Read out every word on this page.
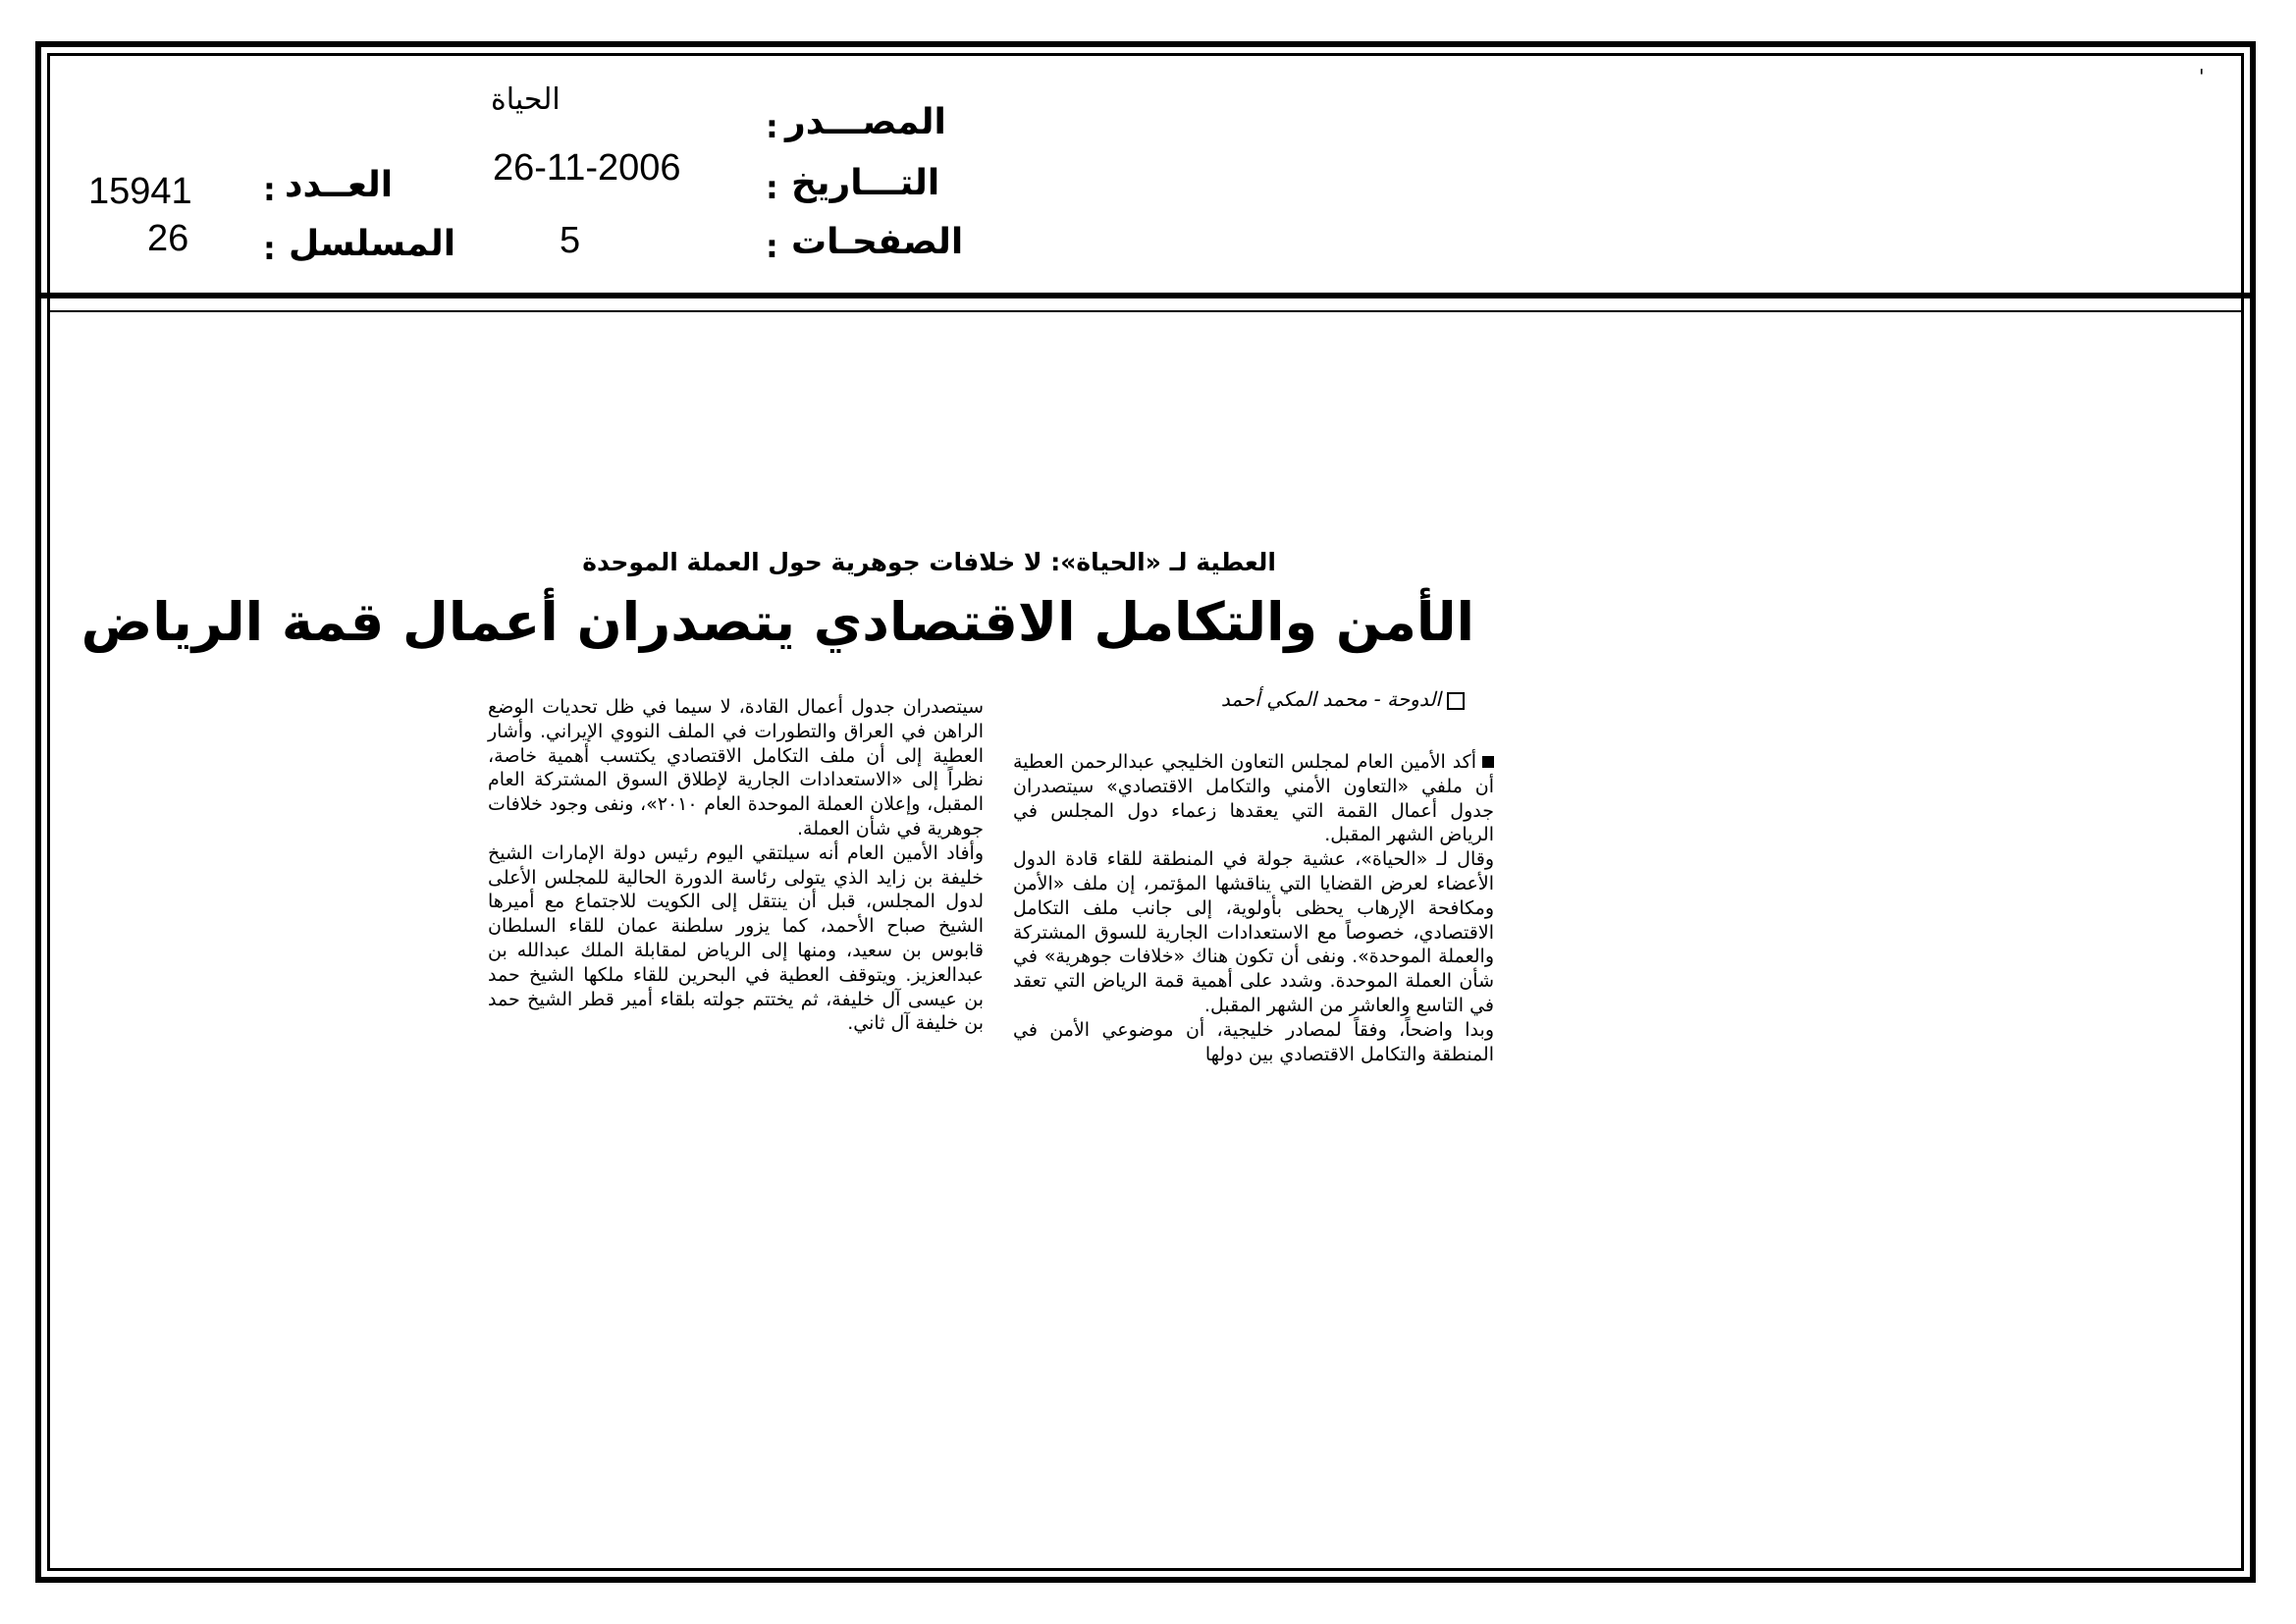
'
المصـــدر
:
الحياة
التـــاريخ
:
26-11-2006
الصفحـات
:
5
العــدد
:
15941
المسلسل
:
26
العطية لـ «الحياة»: لا خلافات جوهرية حول العملة الموحدة
الأمن والتكامل الاقتصادي يتصدران أعمال قمة الرياض
الدوحة - محمد المكي أحمد

أكد الأمين العام لمجلس التعاون الخليجي عبدالرحمن العطية أن ملفي «التعاون الأمني والتكامل الاقتصادي» سيتصدران جدول أعمال القمة التي يعقدها زعماء دول المجلس في الرياض الشهر المقبل.

وقال لـ «الحياة»، عشية جولة في المنطقة للقاء قادة الدول الأعضاء لعرض القضايا التي يناقشها المؤتمر، إن ملف «الأمن ومكافحة الإرهاب يحظى بأولوية، إلى جانب ملف التكامل الاقتصادي، خصوصاً مع الاستعدادات الجارية للسوق المشتركة والعملة الموحدة». ونفى أن تكون هناك «خلافات جوهرية» في شأن العملة الموحدة. وشدد على أهمية قمة الرياض التي تعقد في التاسع والعاشر من الشهر المقبل.

وبدا واضحاً، وفقاً لمصادر خليجية، أن موضوعي الأمن في المنطقة والتكامل الاقتصادي بين دولها

سيتصدران جدول أعمال القادة، لا سيما في ظل تحديات الوضع الراهن في العراق والتطورات في الملف النووي الإيراني. وأشار العطية إلى أن ملف التكامل الاقتصادي يكتسب أهمية خاصة، نظراً إلى «الاستعدادات الجارية لإطلاق السوق المشتركة العام المقبل، وإعلان العملة الموحدة العام ٢٠١٠»، ونفى وجود خلافات جوهرية في شأن العملة.

وأفاد الأمين العام أنه سيلتقي اليوم رئيس دولة الإمارات الشيخ خليفة بن زايد الذي يتولى رئاسة الدورة الحالية للمجلس الأعلى لدول المجلس، قبل أن ينتقل إلى الكويت للاجتماع مع أميرها الشيخ صباح الأحمد، كما يزور سلطنة عمان للقاء السلطان قابوس بن سعيد، ومنها إلى الرياض لمقابلة الملك عبدالله بن عبدالعزيز. ويتوقف العطية في البحرين للقاء ملكها الشيخ حمد بن عيسى آل خليفة، ثم يختتم جولته بلقاء أمير قطر الشيخ حمد بن خليفة آل ثاني.
